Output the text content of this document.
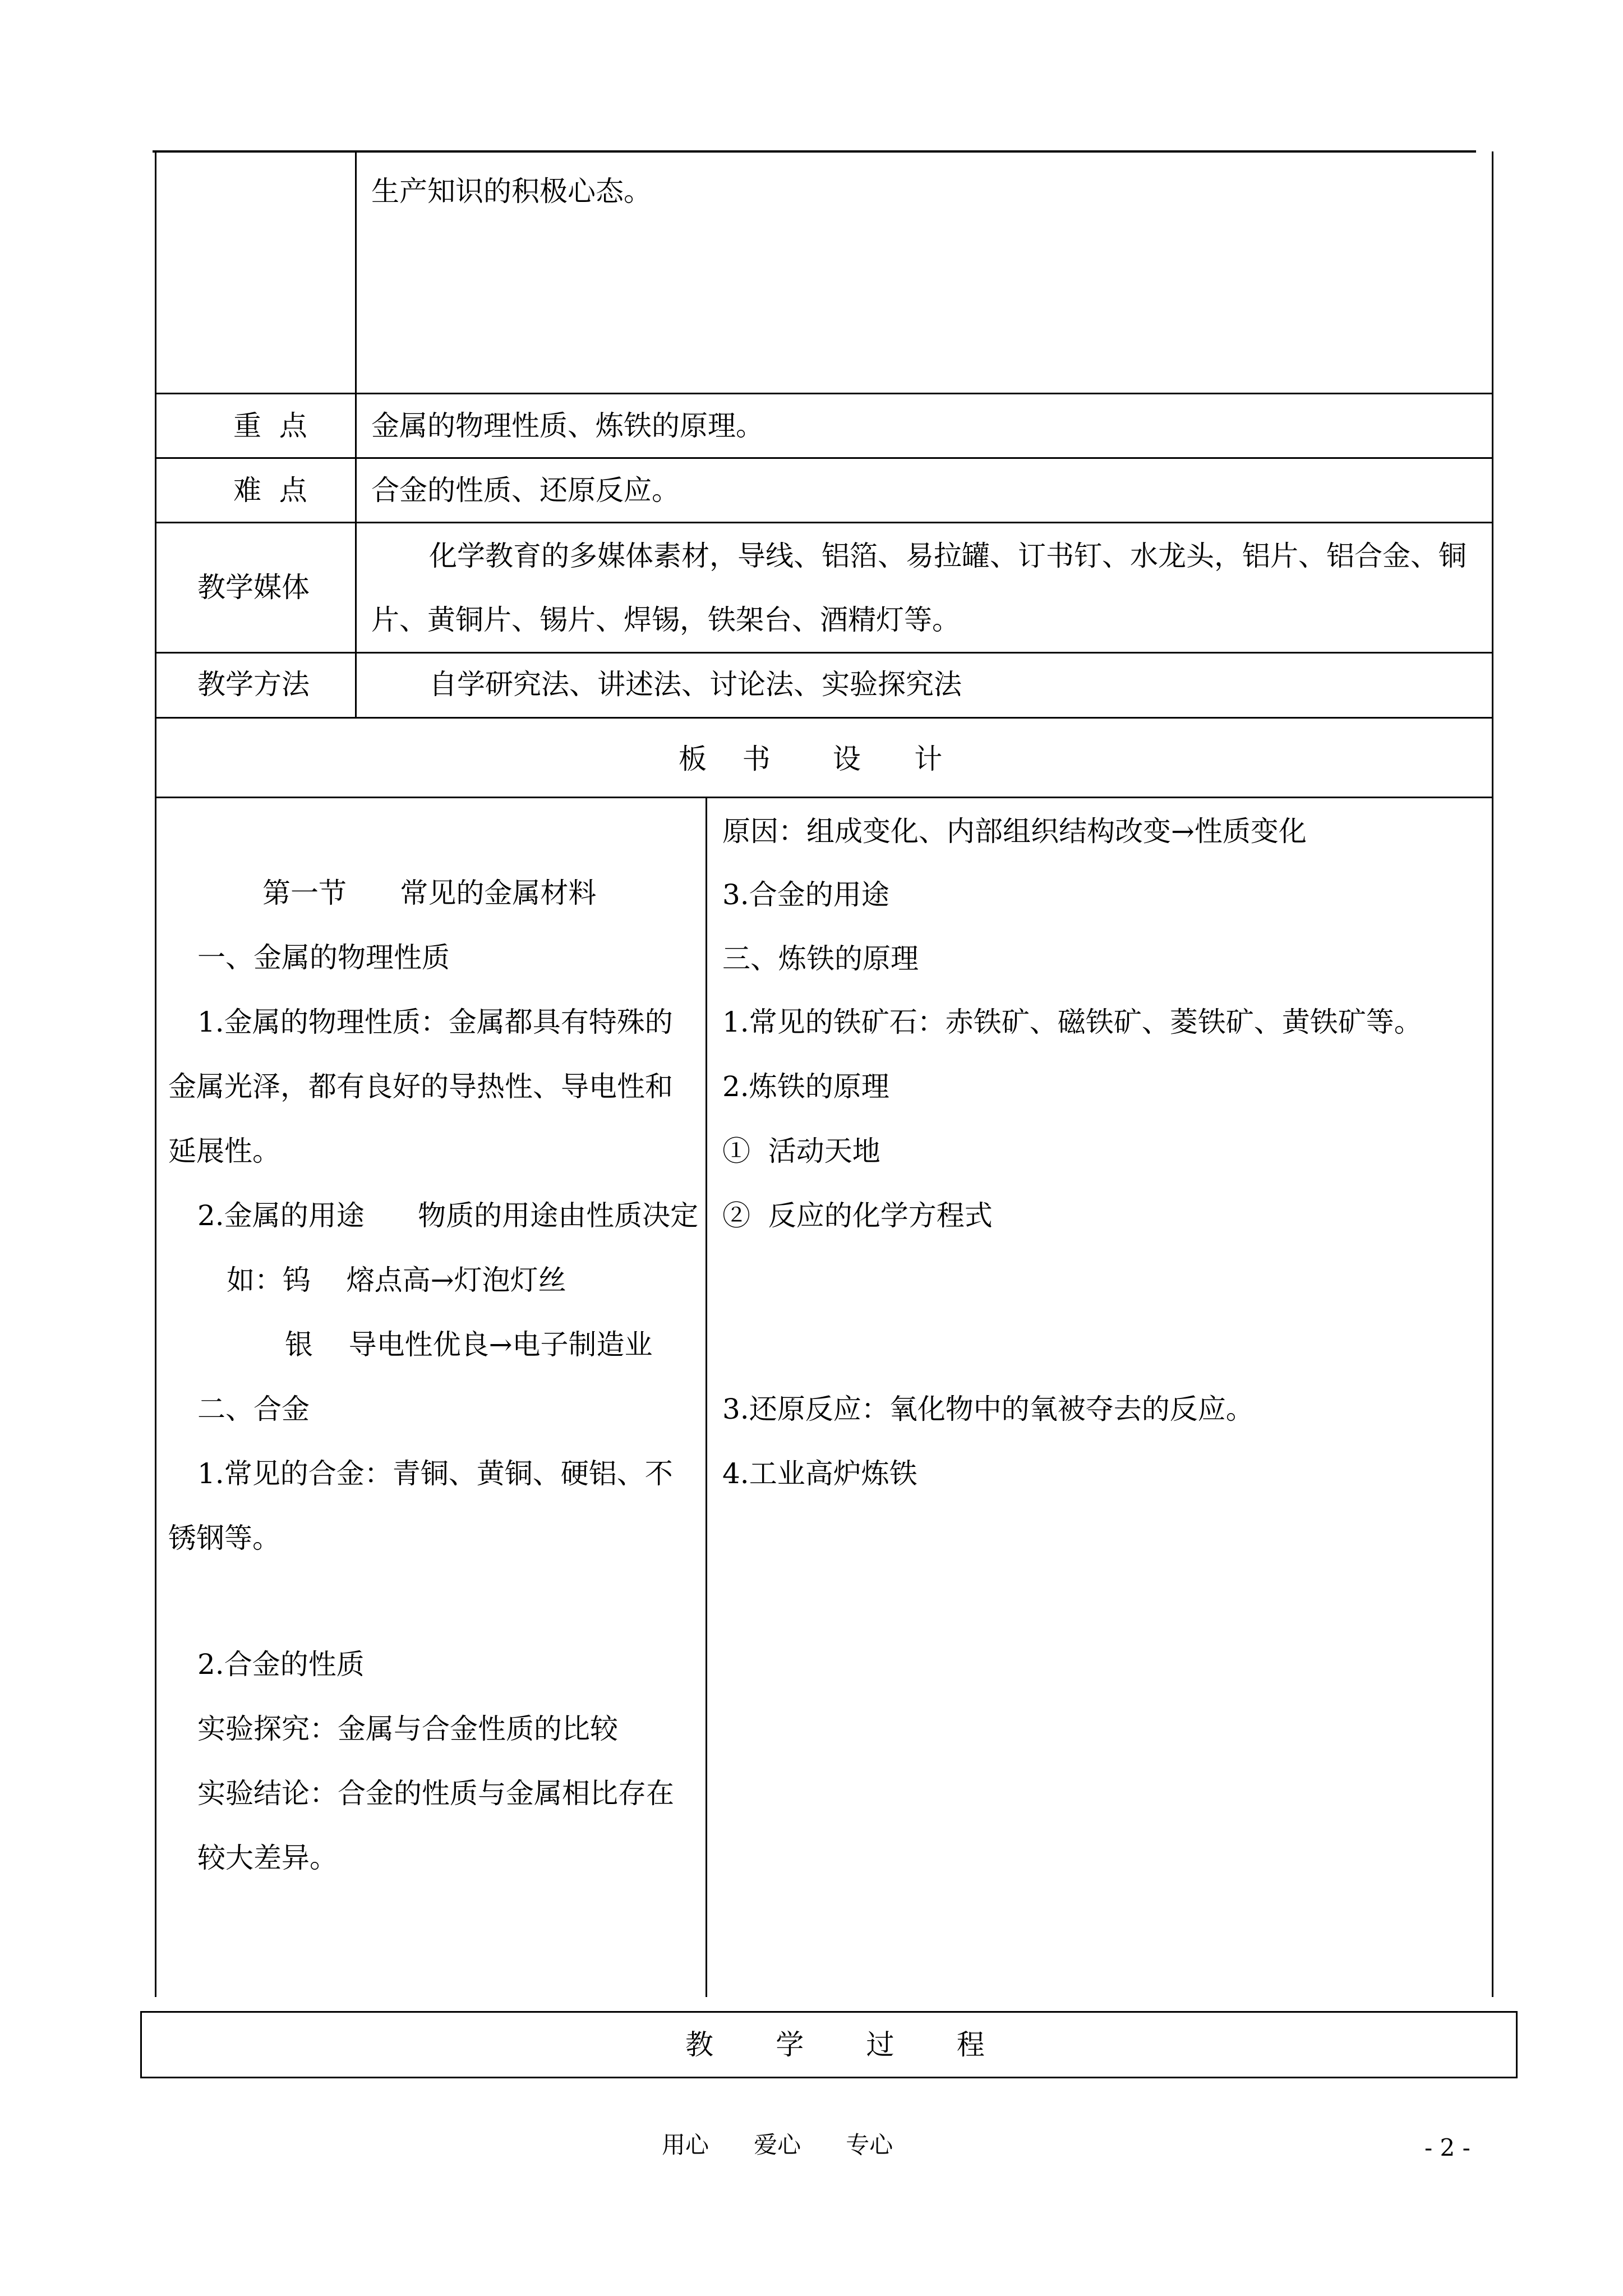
生产知识的积极心态。
重  点 金属的物理性质、炼铁的原理。
难  点 合金的性质、还原反应。
教学媒体
化学教育的多媒体素材，导线、铝箔、易拉罐、订书钉、水龙头，铝片、铝合金、铜
片、黄铜片、锡片、焊锡，铁架台、酒精灯等。
教学方法	自学研究法、讲述法、讨论法、实验探究法
板    书       设      计
第一节      常见的金属材料
一、金属的物理性质
1.金属的物理性质：金属都具有特殊的
金属光泽，都有良好的导热性、导电性和
延展性。
2.金属的用途      物质的用途由性质决定
如：钨    熔点高→灯泡灯丝
银    导电性优良→电子制造业
二、合金
1.常见的合金：青铜、黄铜、硬铝、不
锈钢等。
2.合金的性质
实验探究：金属与合金性质的比较
实验结论：合金的性质与金属相比存在
较大差异。
原因：组成变化、内部组织结构改变→性质变化
3.合金的用途
三、炼铁的原理
1.常见的铁矿石：赤铁矿、磁铁矿、菱铁矿、黄铁矿等。
2.炼铁的原理
①  活动天地
②  反应的化学方程式
3.还原反应：氧化物中的氧被夺去的反应。
4.工业高炉炼铁
教       学       过       程
用心      爱心      专心	- 2 -
